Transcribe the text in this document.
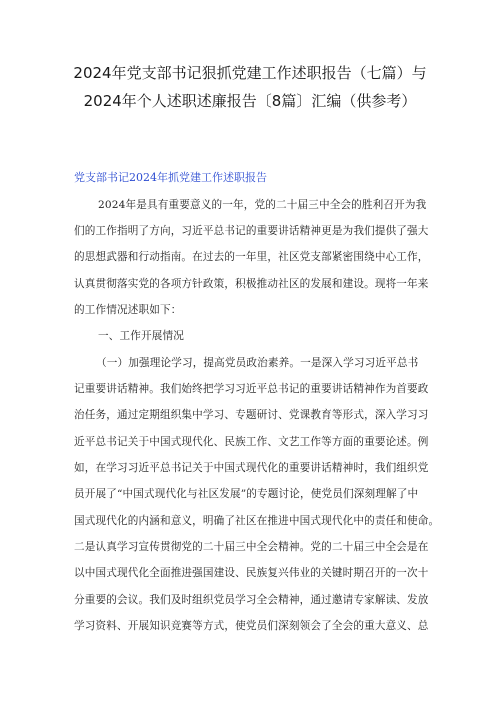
2024年党支部书记狠抓党建工作述职报告（七篇）与
2024年个人述职述廉报告〔8篇〕汇编（供参考）
党支部书记2024年抓党建工作述职报告
2024年是具有重要意义的一年，党的二十届三中全会的胜利召开为我
们的工作指明了方向，习近平总书记的重要讲话精神更是为我们提供了强大
的思想武器和行动指南。在过去的一年里，社区党支部紧密围绕中心工作，
认真贯彻落实党的各项方针政策，积极推动社区的发展和建设。现将一年来
的工作情况述职如下：
一、工作开展情况
（一）加强理论学习，提高党员政治素养。一是深入学习习近平总书
记重要讲话精神。我们始终把学习习近平总书记的重要讲话精神作为首要政
治任务，通过定期组织集中学习、专题研讨、党课教育等形式，深入学习习
近平总书记关于中国式现代化、民族工作、文艺工作等方面的重要论述。例
如，在学习习近平总书记关于中国式现代化的重要讲话精神时，我们组织党
员开展了“中国式现代化与社区发展”的专题讨论，使党员们深刻理解了中
国式现代化的内涵和意义，明确了社区在推进中国式现代化中的责任和使命。
二是认真学习宣传贯彻党的二十届三中全会精神。党的二十届三中全会是在
以中国式现代化全面推进强国建设、民族复兴伟业的关键时期召开的一次十
分重要的会议。我们及时组织党员学习全会精神，通过邀请专家解读、发放
学习资料、开展知识竞赛等方式，使党员们深刻领会了全会的重大意义、总
